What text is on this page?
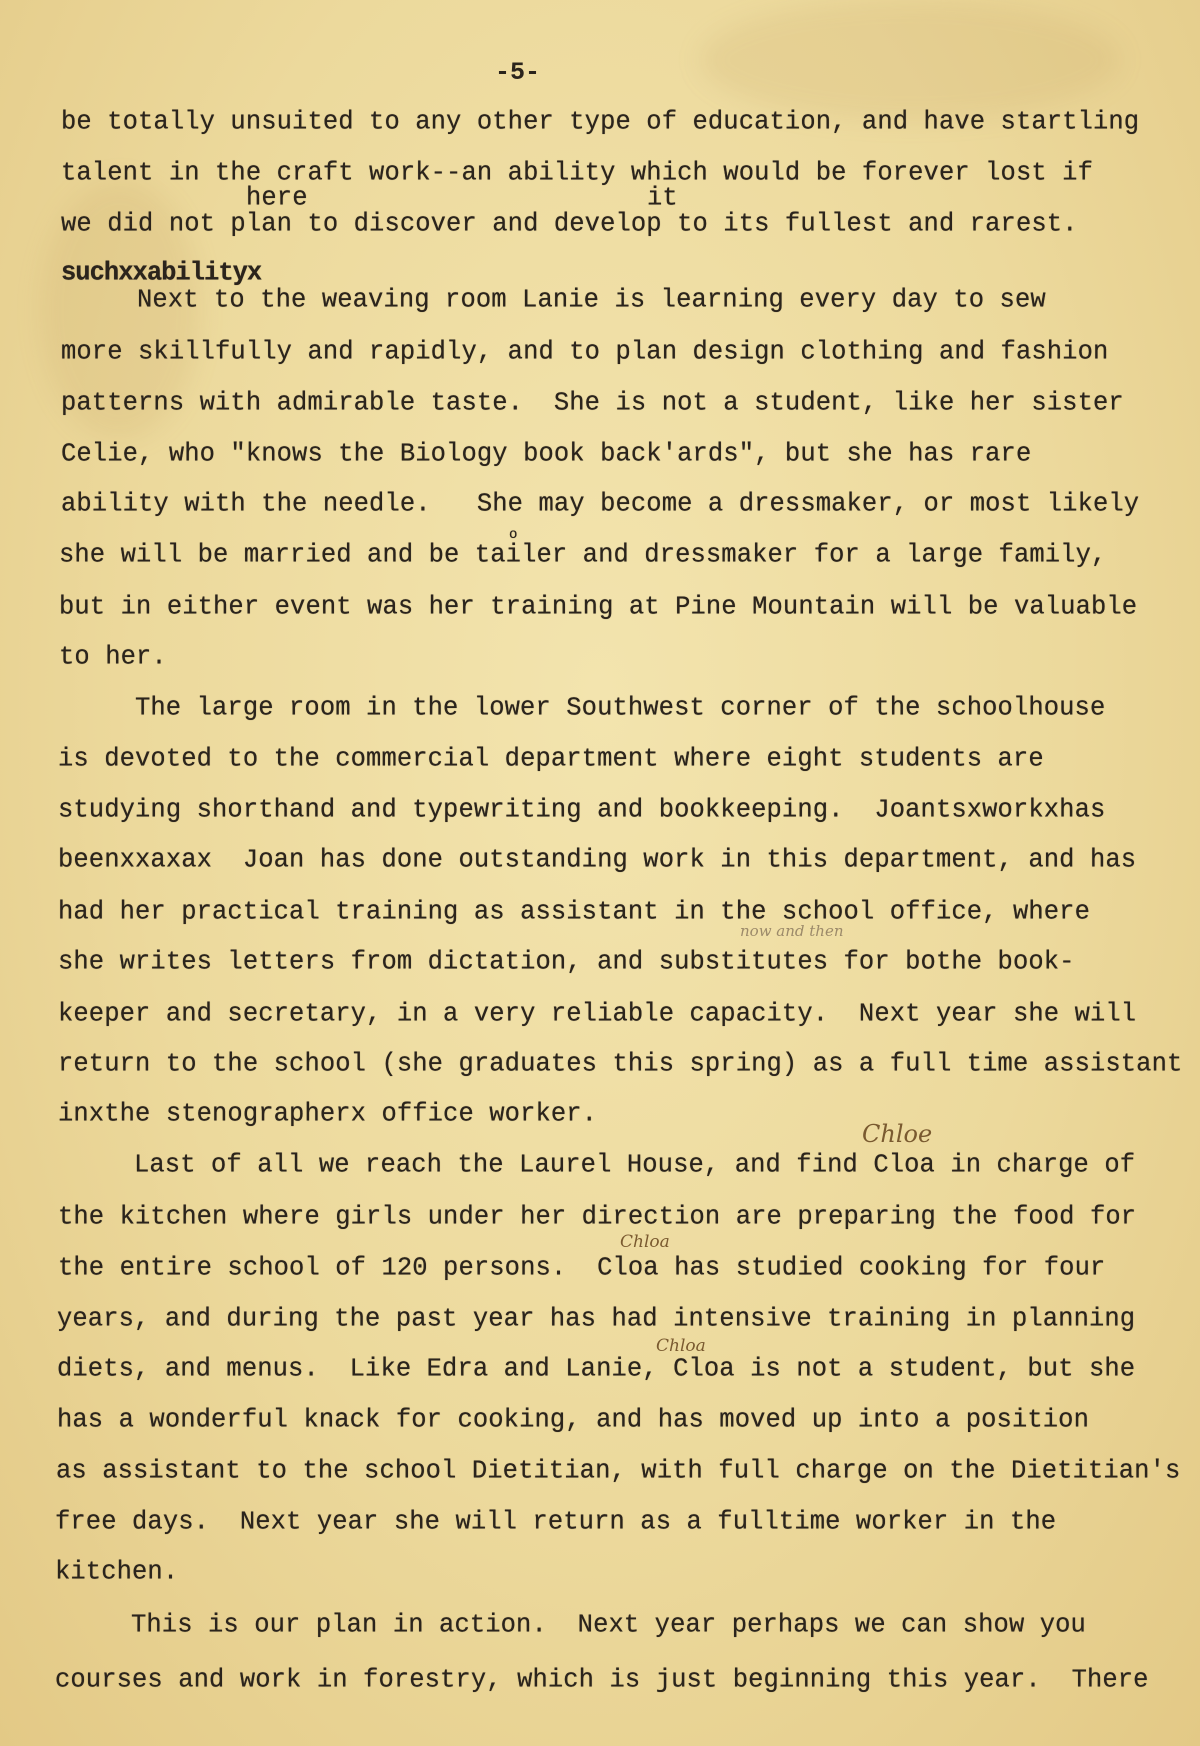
-5-
be totally unsuited to any other type of education, and have startling
talent in the craft work--an ability which would be forever lost if
we did not plan to discover and develop to its fullest and rarest.
suchxxabilityx
Next to the weaving room Lanie is learning every day to sew
more skillfully and rapidly, and to plan design clothing and fashion
patterns with admirable taste.  She is not a student, like her sister
Celie, who "knows the Biology book back'ards", but she has rare
ability with the needle.   She may become a dressmaker, or most likely
she will be married and be tailer and dressmaker for a large family,
but in either event was her training at Pine Mountain will be valuable
to her.
The large room in the lower Southwest corner of the schoolhouse
is devoted to the commercial department where eight students are
studying shorthand and typewriting and bookkeeping.  Joantsxworkxhas
beenxxaxax  Joan has done outstanding work in this department, and has
had her practical training as assistant in the school office, where
she writes letters from dictation, and substitutes for bothe book-
keeper and secretary, in a very reliable capacity.  Next year she will
return to the school (she graduates this spring) as a full time assistant
inxthe stenographerx office worker.
Last of all we reach the Laurel House, and find Cloa in charge of
the kitchen where girls under her direction are preparing the food for
the entire school of 120 persons.  Cloa has studied cooking for four
years, and during the past year has had intensive training in planning
diets, and menus.  Like Edra and Lanie, Cloa is not a student, but she
has a wonderful knack for cooking, and has moved up into a position
as assistant to the school Dietitian, with full charge on the Dietitian's
free days.  Next year she will return as a fulltime worker in the
kitchen.
This is our plan in action.  Next year perhaps we can show you
courses and work in forestry, which is just beginning this year.  There
here	it
o
Chloe
Chloa
Chloa
now and then
